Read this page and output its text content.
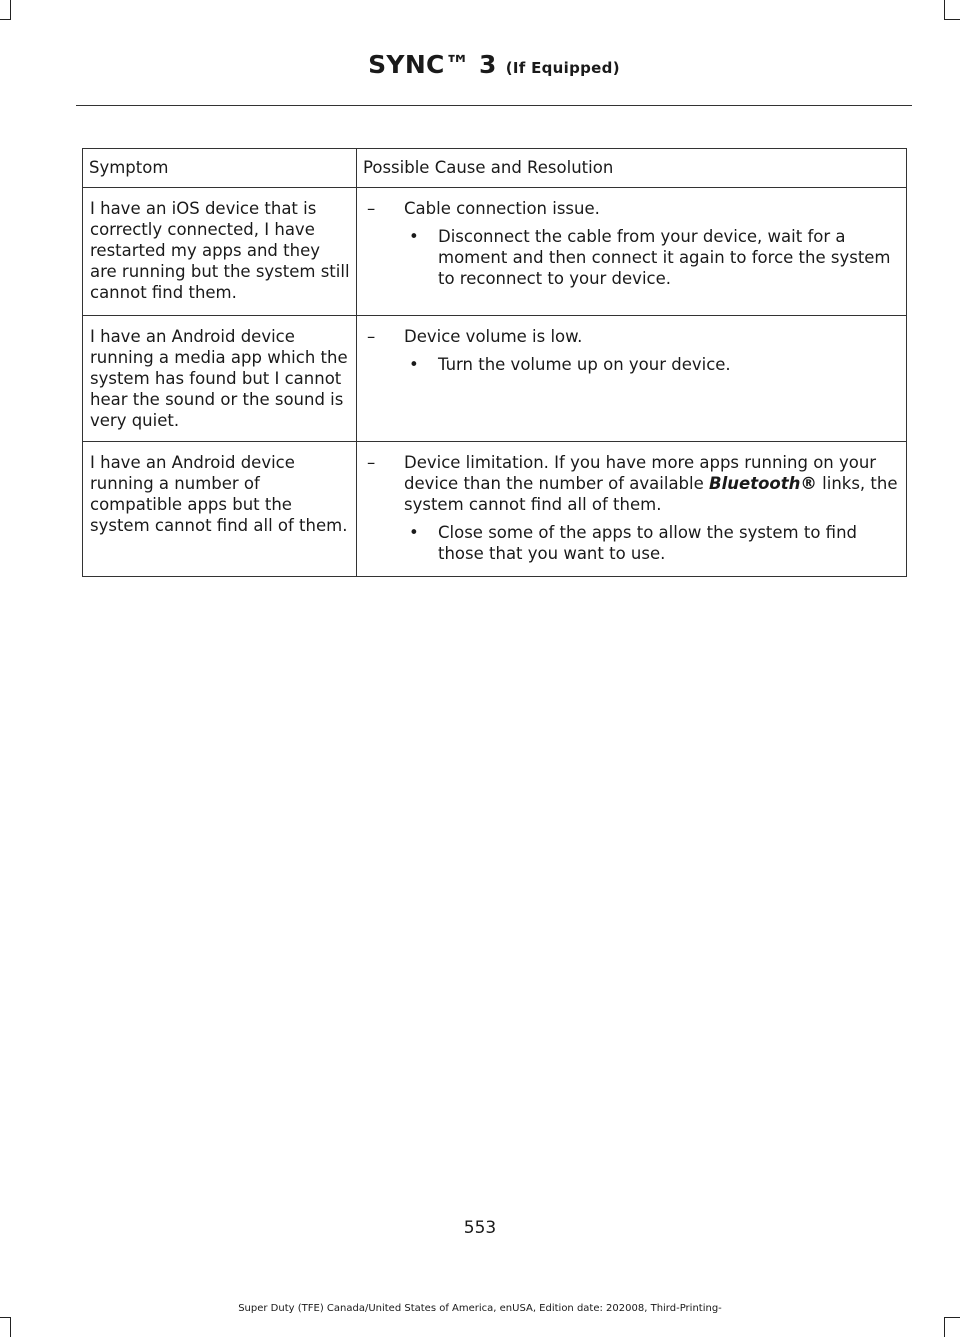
SYNC™ 3 (If Equipped)
Symptom	Possible Cause and Resolution
I have an iOS device that is correctly connected, I have restarted my apps and they are running but the system still cannot find them.	– Cable connection issue.
• Disconnect the cable from your device, wait for a moment and then connect it again to force the system to reconnect to your device.

I have an Android device running a media app which the system has found but I cannot hear the sound or the sound is very quiet.	– Device volume is low.
• Turn the volume up on your device.

I have an Android device running a number of compatible apps but the system cannot find all of them.	– Device limitation. If you have more apps running on your device than the number of available Bluetooth® links, the system cannot find all of them.
• Close some of the apps to allow the system to find those that you want to use.
553
Super Duty (TFE) Canada/United States of America, enUSA, Edition date: 202008, Third-Printing-
